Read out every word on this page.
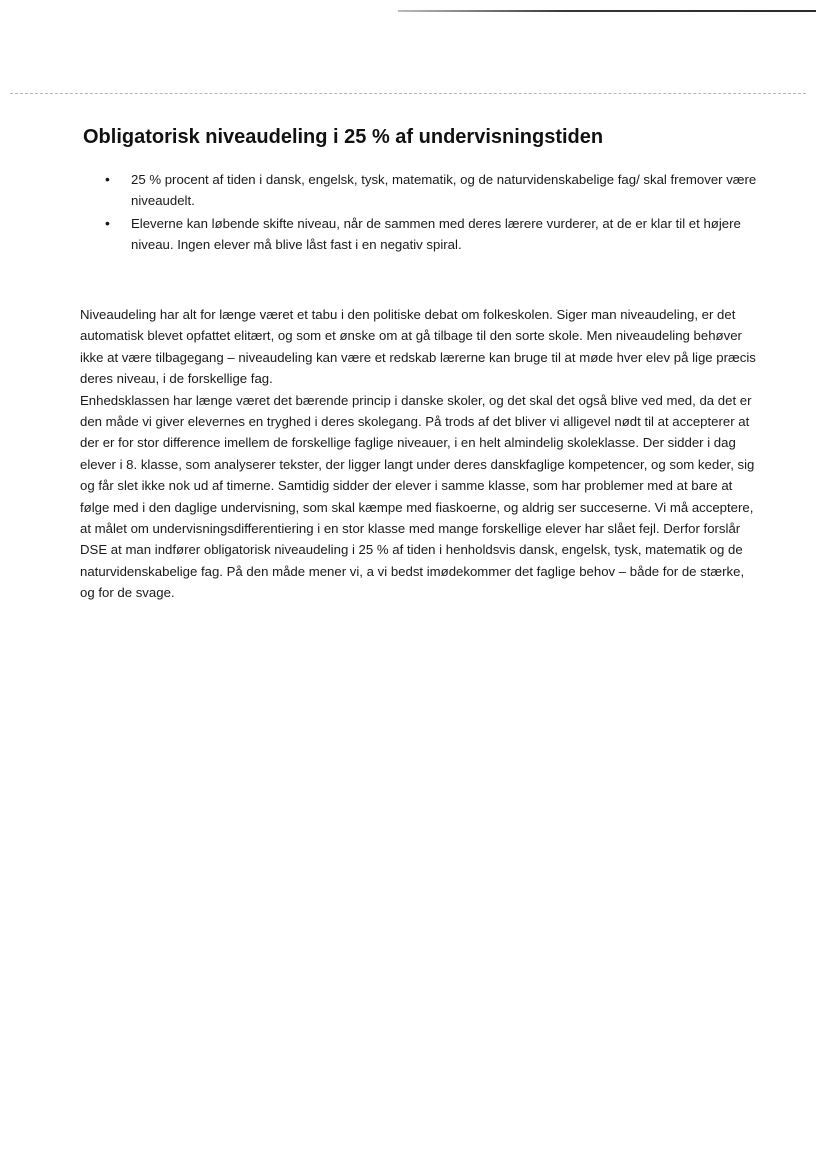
Obligatorisk niveaudeling i 25 % af undervisningstiden
• 25 % procent af tiden i dansk, engelsk, tysk, matematik, og de naturvidenskabelige fag/ skal fremover være niveaudelt.
• Eleverne kan løbende skifte niveau, når de sammen med deres lærere vurderer, at de er klar til et højere niveau. Ingen elever må blive låst fast i en negativ spiral.

Niveaudeling har alt for længe været et tabu i den politiske debat om folkeskolen. Siger man niveaudeling, er det automatisk blevet opfattet elitært, og som et ønske om at gå tilbage til den sorte skole. Men niveaudeling behøver ikke at være tilbagegang – niveaudeling kan være et redskab lærerne kan bruge til at møde hver elev på lige præcis deres niveau, i de forskellige fag.

Enhedsklassen har længe været det bærende princip i danske skoler, og det skal det også blive ved med, da det er den måde vi giver elevernes en tryghed i deres skolegang. På trods af det bliver vi alligevel nødt til at accepterer at der er for stor difference imellem de forskellige faglige niveauer, i en helt almindelig skoleklasse. Der sidder i dag elever i 8. klasse, som analyserer tekster, der ligger langt under deres danskfaglige kompetencer, og som keder, sig og får slet ikke nok ud af timerne. Samtidig sidder der elever i samme klasse, som har problemer med at bare at følge med i den daglige undervisning, som skal kæmpe med fiaskoerne, og aldrig ser succeserne. Vi må acceptere, at målet om undervisningsdifferentiering i en stor klasse med mange forskellige elever har slået fejl. Derfor forslår DSE at man indfører obligatorisk niveaudeling i 25 % af tiden i henholdsvis dansk, engelsk, tysk, matematik og de naturvidenskabelige fag. På den måde mener vi, a vi bedst imødekommer det faglige behov – både for de stærke, og for de svage.
